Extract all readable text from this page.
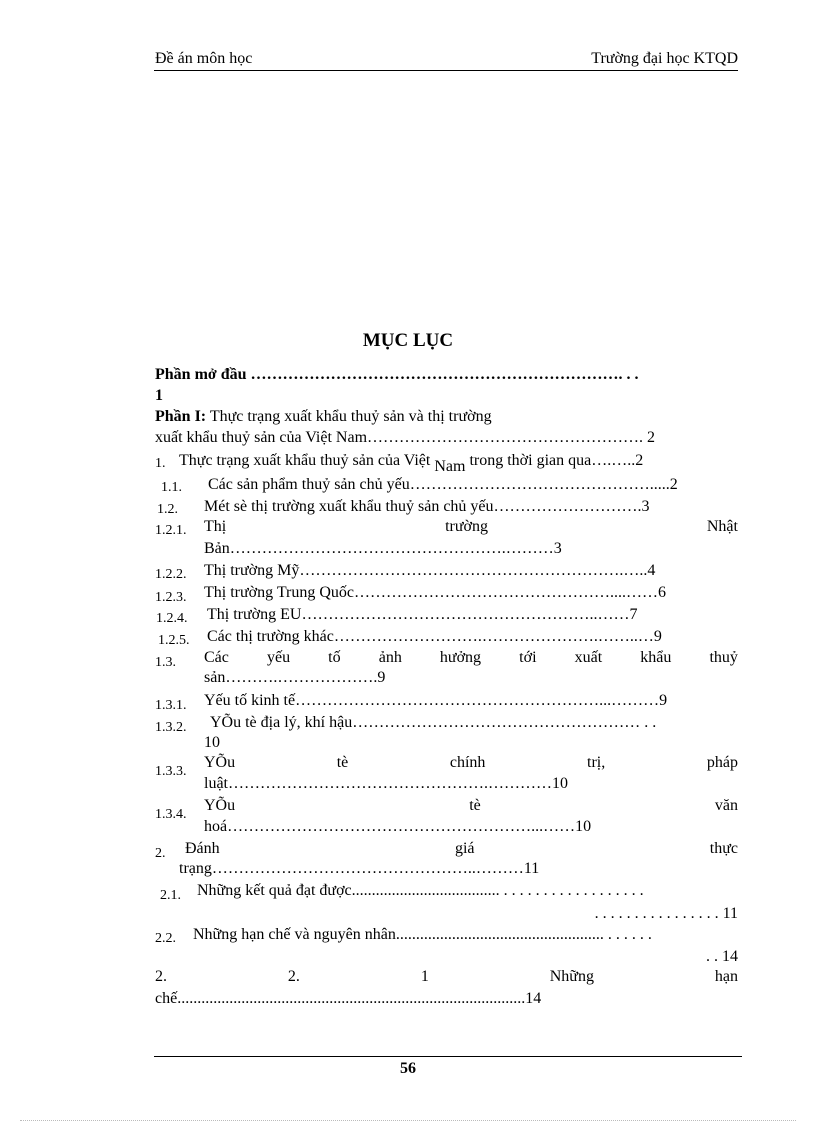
Đề án môn học	Trường đại học KTQD
MỤC LỤC
Phần mở đầu ……………………………………………………………. . .
1
Phần I: Thực trạng xuất khẩu thuỷ sản và thị trường
xuất khẩu thuỷ sản của Việt Nam……………………………………………. 2
1. Thực trạng xuất khẩu thuỷ sản của Việt Nam trong thời gian qua….…..2
1.1. Các sản phẩm thuỷ sản chủ yếu……………………………………….....2
1.2. Mét sè thị trường xuất khẩu thuỷ sản chủ yếu……………………….3
1.2.1. Thị	trường	Nhật
Bản…………………………………………….………3
1.2.2. Thị trường Mỹ…………………………………………………….…..4
1.2.3. Thị trường Trung Quốc…………………………………………....……6
1.2.4. Thị trường EU………………………………………………..……7
1.2.5. Các thị trường khác……………………….………………….……..…9
1.3. Các yếu tố ảnh hưởng tới xuất khẩu thuỷ
sản……….……………….9
1.3.1. Yếu tố kinh tế…………………………………………………...………9
1.3.2. YÕu tè địa lý, khí hậu……………………………………………… . .
10
1.3.3.
YÕu	tè	chính	trị,	pháp
luật………………………………………….…………10
1.3.4.
YÕu	tè	văn
hoá…………………………………………………...……10
2. Đánh	giá	thực
trạng…………………………………………..………11
2.1. Những kết quả đạt được..................................... . . . . . . . . . . . . . . . . . .
. . . . . . . . . . . . . . . . 11
2.2. Những hạn chế và nguyên nhân.................................................... . . . . . .
. . 14
2.	2.	1	Những	hạn
chế.......................................................................................14
56
